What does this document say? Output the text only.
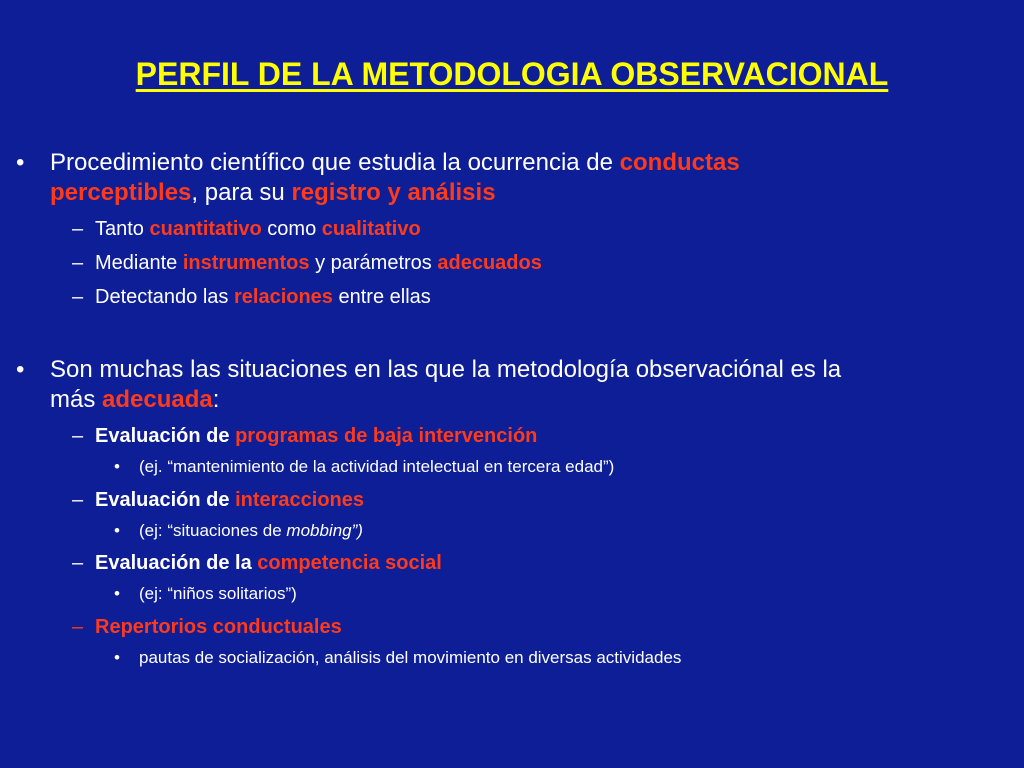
PERFIL DE LA METODOLOGIA OBSERVACIONAL
• Procedimiento científico que estudia la ocurrencia de conductas
perceptibles, para su registro y análisis
– Tanto cuantitativo como cualitativo
– Mediante instrumentos y parámetros adecuados
– Detectando las relaciones entre ellas
• Son muchas las situaciones en las que la metodología observaciónal es la
más adecuada:
– Evaluación de programas de baja intervención
• (ej. “mantenimiento de la actividad intelectual en tercera edad”)
– Evaluación de interacciones
• (ej: “situaciones de mobbing”)
– Evaluación de la competencia social
• (ej: “niños solitarios”)
– Repertorios conductuales
• pautas de socialización, análisis del movimiento en diversas actividades
